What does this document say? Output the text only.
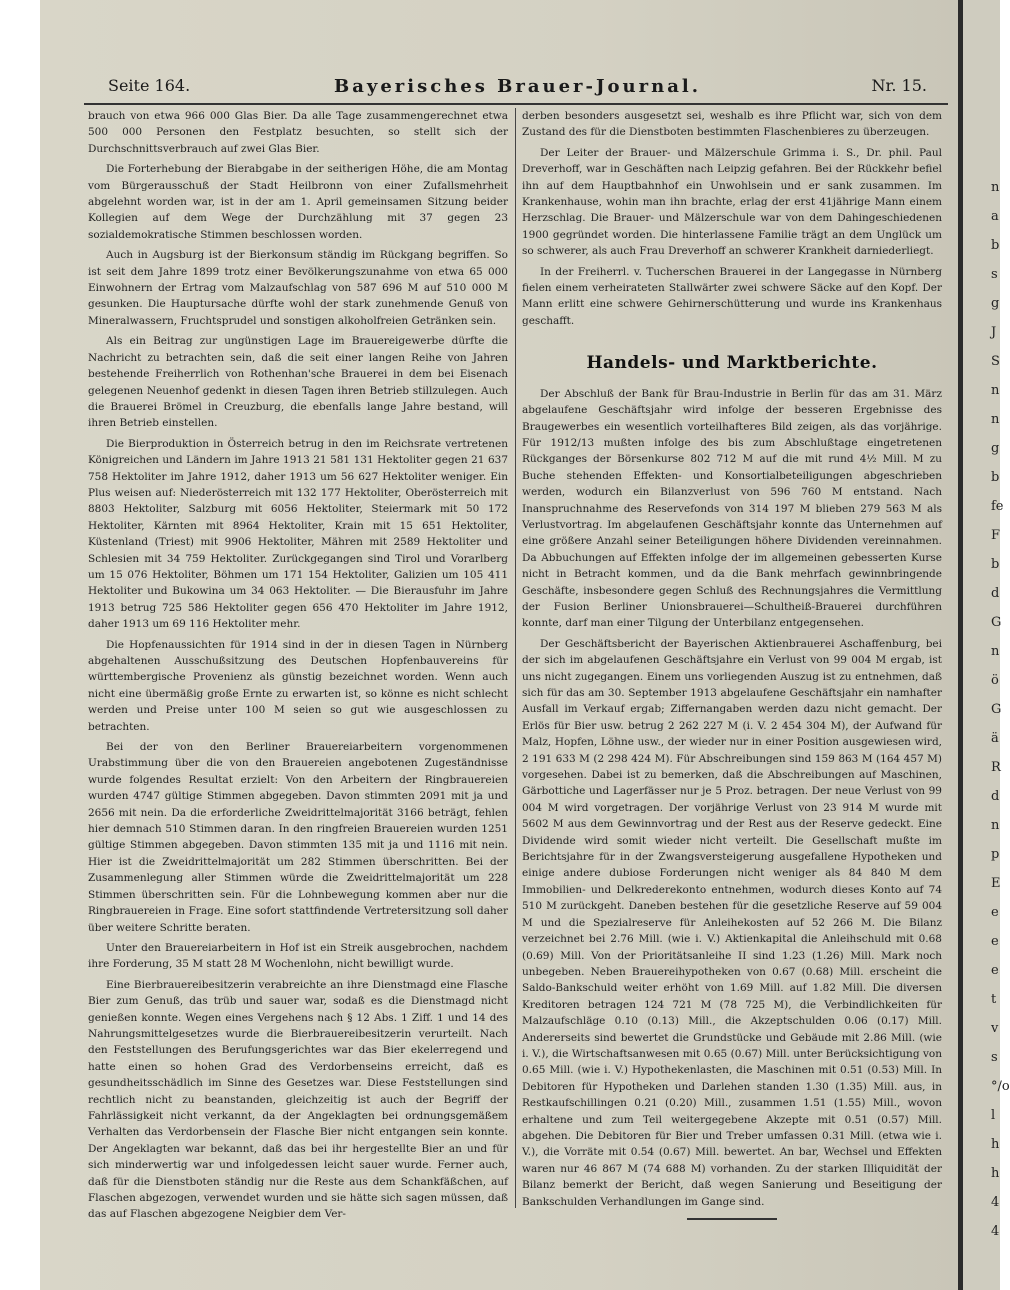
n
a
b
s
g
J
S
n
n
g
b
fe
F
b
d
G
n
ö
G
ä
R
d
n
p
E
e
e
e
t
v
s
°/o
l
h
h
4
4
Seite 164.	Bayerisches Brauer-Journal.	Nr. 15.

brauch von etwa 966 000 Glas Bier. Da alle Tage zusammengerechnet etwa 500 000 Personen den Festplatz besuchten, so stellt sich der Durchschnittsverbrauch auf zwei Glas Bier.

Die Forterhebung der Bierabgabe in der seitherigen Höhe, die am Montag vom Bürgerausschuß der Stadt Heilbronn von einer Zufallsmehrheit abgelehnt worden war, ist in der am 1. April gemeinsamen Sitzung beider Kollegien auf dem Wege der Durchzählung mit 37 gegen 23 sozialdemokratische Stimmen beschlossen worden.

Auch in Augsburg ist der Bierkonsum ständig im Rückgang begriffen. So ist seit dem Jahre 1899 trotz einer Bevölkerungszunahme von etwa 65 000 Einwohnern der Ertrag vom Malzaufschlag von 587 696 M auf 510 000 M gesunken. Die Hauptursache dürfte wohl der stark zunehmende Genuß von Mineralwassern, Fruchtsprudel und sonstigen alkoholfreien Getränken sein.

Als ein Beitrag zur ungünstigen Lage im Brauereigewerbe dürfte die Nachricht zu betrachten sein, daß die seit einer langen Reihe von Jahren bestehende Freiherrlich von Rothenhan'sche Brauerei in dem bei Eisenach gelegenen Neuenhof gedenkt in diesen Tagen ihren Betrieb stillzulegen. Auch die Brauerei Brömel in Creuzburg, die ebenfalls lange Jahre bestand, will ihren Betrieb einstellen.

Die Bierproduktion in Österreich betrug in den im Reichsrate vertretenen Königreichen und Ländern im Jahre 1913 21 581 131 Hektoliter gegen 21 637 758 Hektoliter im Jahre 1912, daher 1913 um 56 627 Hektoliter weniger. Ein Plus weisen auf: Niederösterreich mit 132 177 Hektoliter, Oberösterreich mit 8803 Hektoliter, Salzburg mit 6056 Hektoliter, Steiermark mit 50 172 Hektoliter, Kärnten mit 8964 Hektoliter, Krain mit 15 651 Hektoliter, Küstenland (Triest) mit 9906 Hektoliter, Mähren mit 2589 Hektoliter und Schlesien mit 34 759 Hektoliter. Zurückgegangen sind Tirol und Vorarlberg um 15 076 Hektoliter, Böhmen um 171 154 Hektoliter, Galizien um 105 411 Hektoliter und Bukowina um 34 063 Hektoliter. — Die Bierausfuhr im Jahre 1913 betrug 725 586 Hektoliter gegen 656 470 Hektoliter im Jahre 1912, daher 1913 um 69 116 Hektoliter mehr.

Die Hopfenaussichten für 1914 sind in der in diesen Tagen in Nürnberg abgehaltenen Ausschußsitzung des Deutschen Hopfenbauvereins für württembergische Provenienz als günstig bezeichnet worden. Wenn auch nicht eine übermäßig große Ernte zu erwarten ist, so könne es nicht schlecht werden und Preise unter 100 M seien so gut wie ausgeschlossen zu betrachten.

Bei der von den Berliner Brauereiarbeitern vorgenommenen Urabstimmung über die von den Brauereien angebotenen Zugeständnisse wurde folgendes Resultat erzielt: Von den Arbeitern der Ringbrauereien wurden 4747 gültige Stimmen abgegeben. Davon stimmten 2091 mit ja und 2656 mit nein. Da die erforderliche Zweidrittelmajorität 3166 beträgt, fehlen hier demnach 510 Stimmen daran. In den ringfreien Brauereien wurden 1251 gültige Stimmen abgegeben. Davon stimmten 135 mit ja und 1116 mit nein. Hier ist die Zweidrittelmajorität um 282 Stimmen überschritten. Bei der Zusammenlegung aller Stimmen würde die Zweidrittelmajorität um 228 Stimmen überschritten sein. Für die Lohnbewegung kommen aber nur die Ringbrauereien in Frage. Eine sofort stattfindende Vertretersitzung soll daher über weitere Schritte beraten.

Unter den Brauereiarbeitern in Hof ist ein Streik ausgebrochen, nachdem ihre Forderung, 35 M statt 28 M Wochenlohn, nicht bewilligt wurde.

Eine Bierbrauereibesitzerin verabreichte an ihre Dienstmagd eine Flasche Bier zum Genuß, das trüb und sauer war, sodaß es die Dienstmagd nicht genießen konnte. Wegen eines Vergehens nach § 12 Abs. 1 Ziff. 1 und 14 des Nahrungsmittelgesetzes wurde die Bierbrauereibesitzerin verurteilt. Nach den Feststellungen des Berufungsgerichtes war das Bier ekelerregend und hatte einen so hohen Grad des Verdorbenseins erreicht, daß es gesundheitsschädlich im Sinne des Gesetzes war. Diese Feststellungen sind rechtlich nicht zu beanstanden, gleichzeitig ist auch der Begriff der Fahrlässigkeit nicht verkannt, da der Angeklagten bei ordnungsgemäßem Verhalten das Verdorbensein der Flasche Bier nicht entgangen sein konnte. Der Angeklagten war bekannt, daß das bei ihr hergestellte Bier an und für sich minderwertig war und infolgedessen leicht sauer wurde. Ferner auch, daß für die Dienstboten ständig nur die Reste aus dem Schankfäßchen, auf Flaschen abgezogen, verwendet wurden und sie hätte sich sagen müssen, daß das auf Flaschen abgezogene Neigbier dem Ver-

derben besonders ausgesetzt sei, weshalb es ihre Pflicht war, sich von dem Zustand des für die Dienstboten bestimmten Flaschenbieres zu überzeugen.

Der Leiter der Brauer- und Mälzerschule Grimma i. S., Dr. phil. Paul Dreverhoff, war in Geschäften nach Leipzig gefahren. Bei der Rückkehr befiel ihn auf dem Hauptbahnhof ein Unwohlsein und er sank zusammen. Im Krankenhause, wohin man ihn brachte, erlag der erst 41jährige Mann einem Herzschlag. Die Brauer- und Mälzerschule war von dem Dahingeschiedenen 1900 gegründet worden. Die hinterlassene Familie trägt an dem Unglück um so schwerer, als auch Frau Dreverhoff an schwerer Krankheit darniederliegt.

In der Freiherrl. v. Tucherschen Brauerei in der Langegasse in Nürnberg fielen einem verheirateten Stallwärter zwei schwere Säcke auf den Kopf. Der Mann erlitt eine schwere Gehirnerschütterung und wurde ins Krankenhaus geschafft.

Handels- und Marktberichte.

Der Abschluß der Bank für Brau-Industrie in Berlin für das am 31. März abgelaufene Geschäftsjahr wird infolge der besseren Ergebnisse des Braugewerbes ein wesentlich vorteilhafteres Bild zeigen, als das vorjährige. Für 1912/13 mußten infolge des bis zum Abschlußtage eingetretenen Rückganges der Börsenkurse 802 712 M auf die mit rund 4½ Mill. M zu Buche stehenden Effekten- und Konsortialbeteiligungen abgeschrieben werden, wodurch ein Bilanzverlust von 596 760 M entstand. Nach Inanspruchnahme des Reservefonds von 314 197 M blieben 279 563 M als Verlustvortrag. Im abgelaufenen Geschäftsjahr konnte das Unternehmen auf eine größere Anzahl seiner Beteiligungen höhere Dividenden vereinnahmen. Da Abbuchungen auf Effekten infolge der im allgemeinen gebesserten Kurse nicht in Betracht kommen, und da die Bank mehrfach gewinnbringende Geschäfte, insbesondere gegen Schluß des Rechnungsjahres die Vermittlung der Fusion Berliner Unionsbrauerei—Schultheiß-Brauerei durchführen konnte, darf man einer Tilgung der Unterbilanz entgegensehen.

Der Geschäftsbericht der Bayerischen Aktienbrauerei Aschaffenburg, bei der sich im abgelaufenen Geschäftsjahre ein Verlust von 99 004 M ergab, ist uns nicht zugegangen. Einem uns vorliegenden Auszug ist zu entnehmen, daß sich für das am 30. September 1913 abgelaufene Geschäftsjahr ein namhafter Ausfall im Verkauf ergab; Ziffernangaben werden dazu nicht gemacht. Der Erlös für Bier usw. betrug 2 262 227 M (i. V. 2 454 304 M), der Aufwand für Malz, Hopfen, Löhne usw., der wieder nur in einer Position ausgewiesen wird, 2 191 633 M (2 298 424 M). Für Abschreibungen sind 159 863 M (164 457 M) vorgesehen. Dabei ist zu bemerken, daß die Abschreibungen auf Maschinen, Gärbottiche und Lagerfässer nur je 5 Proz. betragen. Der neue Verlust von 99 004 M wird vorgetragen. Der vorjährige Verlust von 23 914 M wurde mit 5602 M aus dem Gewinnvortrag und der Rest aus der Reserve gedeckt. Eine Dividende wird somit wieder nicht verteilt. Die Gesellschaft mußte im Berichtsjahre für in der Zwangsversteigerung ausgefallene Hypotheken und einige andere dubiose Forderungen nicht weniger als 84 840 M dem Immobilien- und Delkrederekonto entnehmen, wodurch dieses Konto auf 74 510 M zurückgeht. Daneben bestehen für die gesetzliche Reserve auf 59 004 M und die Spezialreserve für Anleihekosten auf 52 266 M. Die Bilanz verzeichnet bei 2.76 Mill. (wie i. V.) Aktienkapital die Anleihschuld mit 0.68 (0.69) Mill. Von der Prioritätsanleihe II sind 1.23 (1.26) Mill. Mark noch unbegeben. Neben Brauereihypotheken von 0.67 (0.68) Mill. erscheint die Saldo-Bankschuld weiter erhöht von 1.69 Mill. auf 1.82 Mill. Die diversen Kreditoren betragen 124 721 M (78 725 M), die Verbindlichkeiten für Malzaufschläge 0.10 (0.13) Mill., die Akzeptschulden 0.06 (0.17) Mill. Andererseits sind bewertet die Grundstücke und Gebäude mit 2.86 Mill. (wie i. V.), die Wirtschaftsanwesen mit 0.65 (0.67) Mill. unter Berücksichtigung von 0.65 Mill. (wie i. V.) Hypothekenlasten, die Maschinen mit 0.51 (0.53) Mill. In Debitoren für Hypotheken und Darlehen standen 1.30 (1.35) Mill. aus, in Restkaufschillingen 0.21 (0.20) Mill., zusammen 1.51 (1.55) Mill., wovon erhaltene und zum Teil weitergegebene Akzepte mit 0.51 (0.57) Mill. abgehen. Die Debitoren für Bier und Treber umfassen 0.31 Mill. (etwa wie i. V.), die Vorräte mit 0.54 (0.67) Mill. bewertet. An bar, Wechsel und Effekten waren nur 46 867 M (74 688 M) vorhanden. Zu der starken Illiquidität der Bilanz bemerkt der Bericht, daß wegen Sanierung und Beseitigung der Bankschulden Verhandlungen im Gange sind.
